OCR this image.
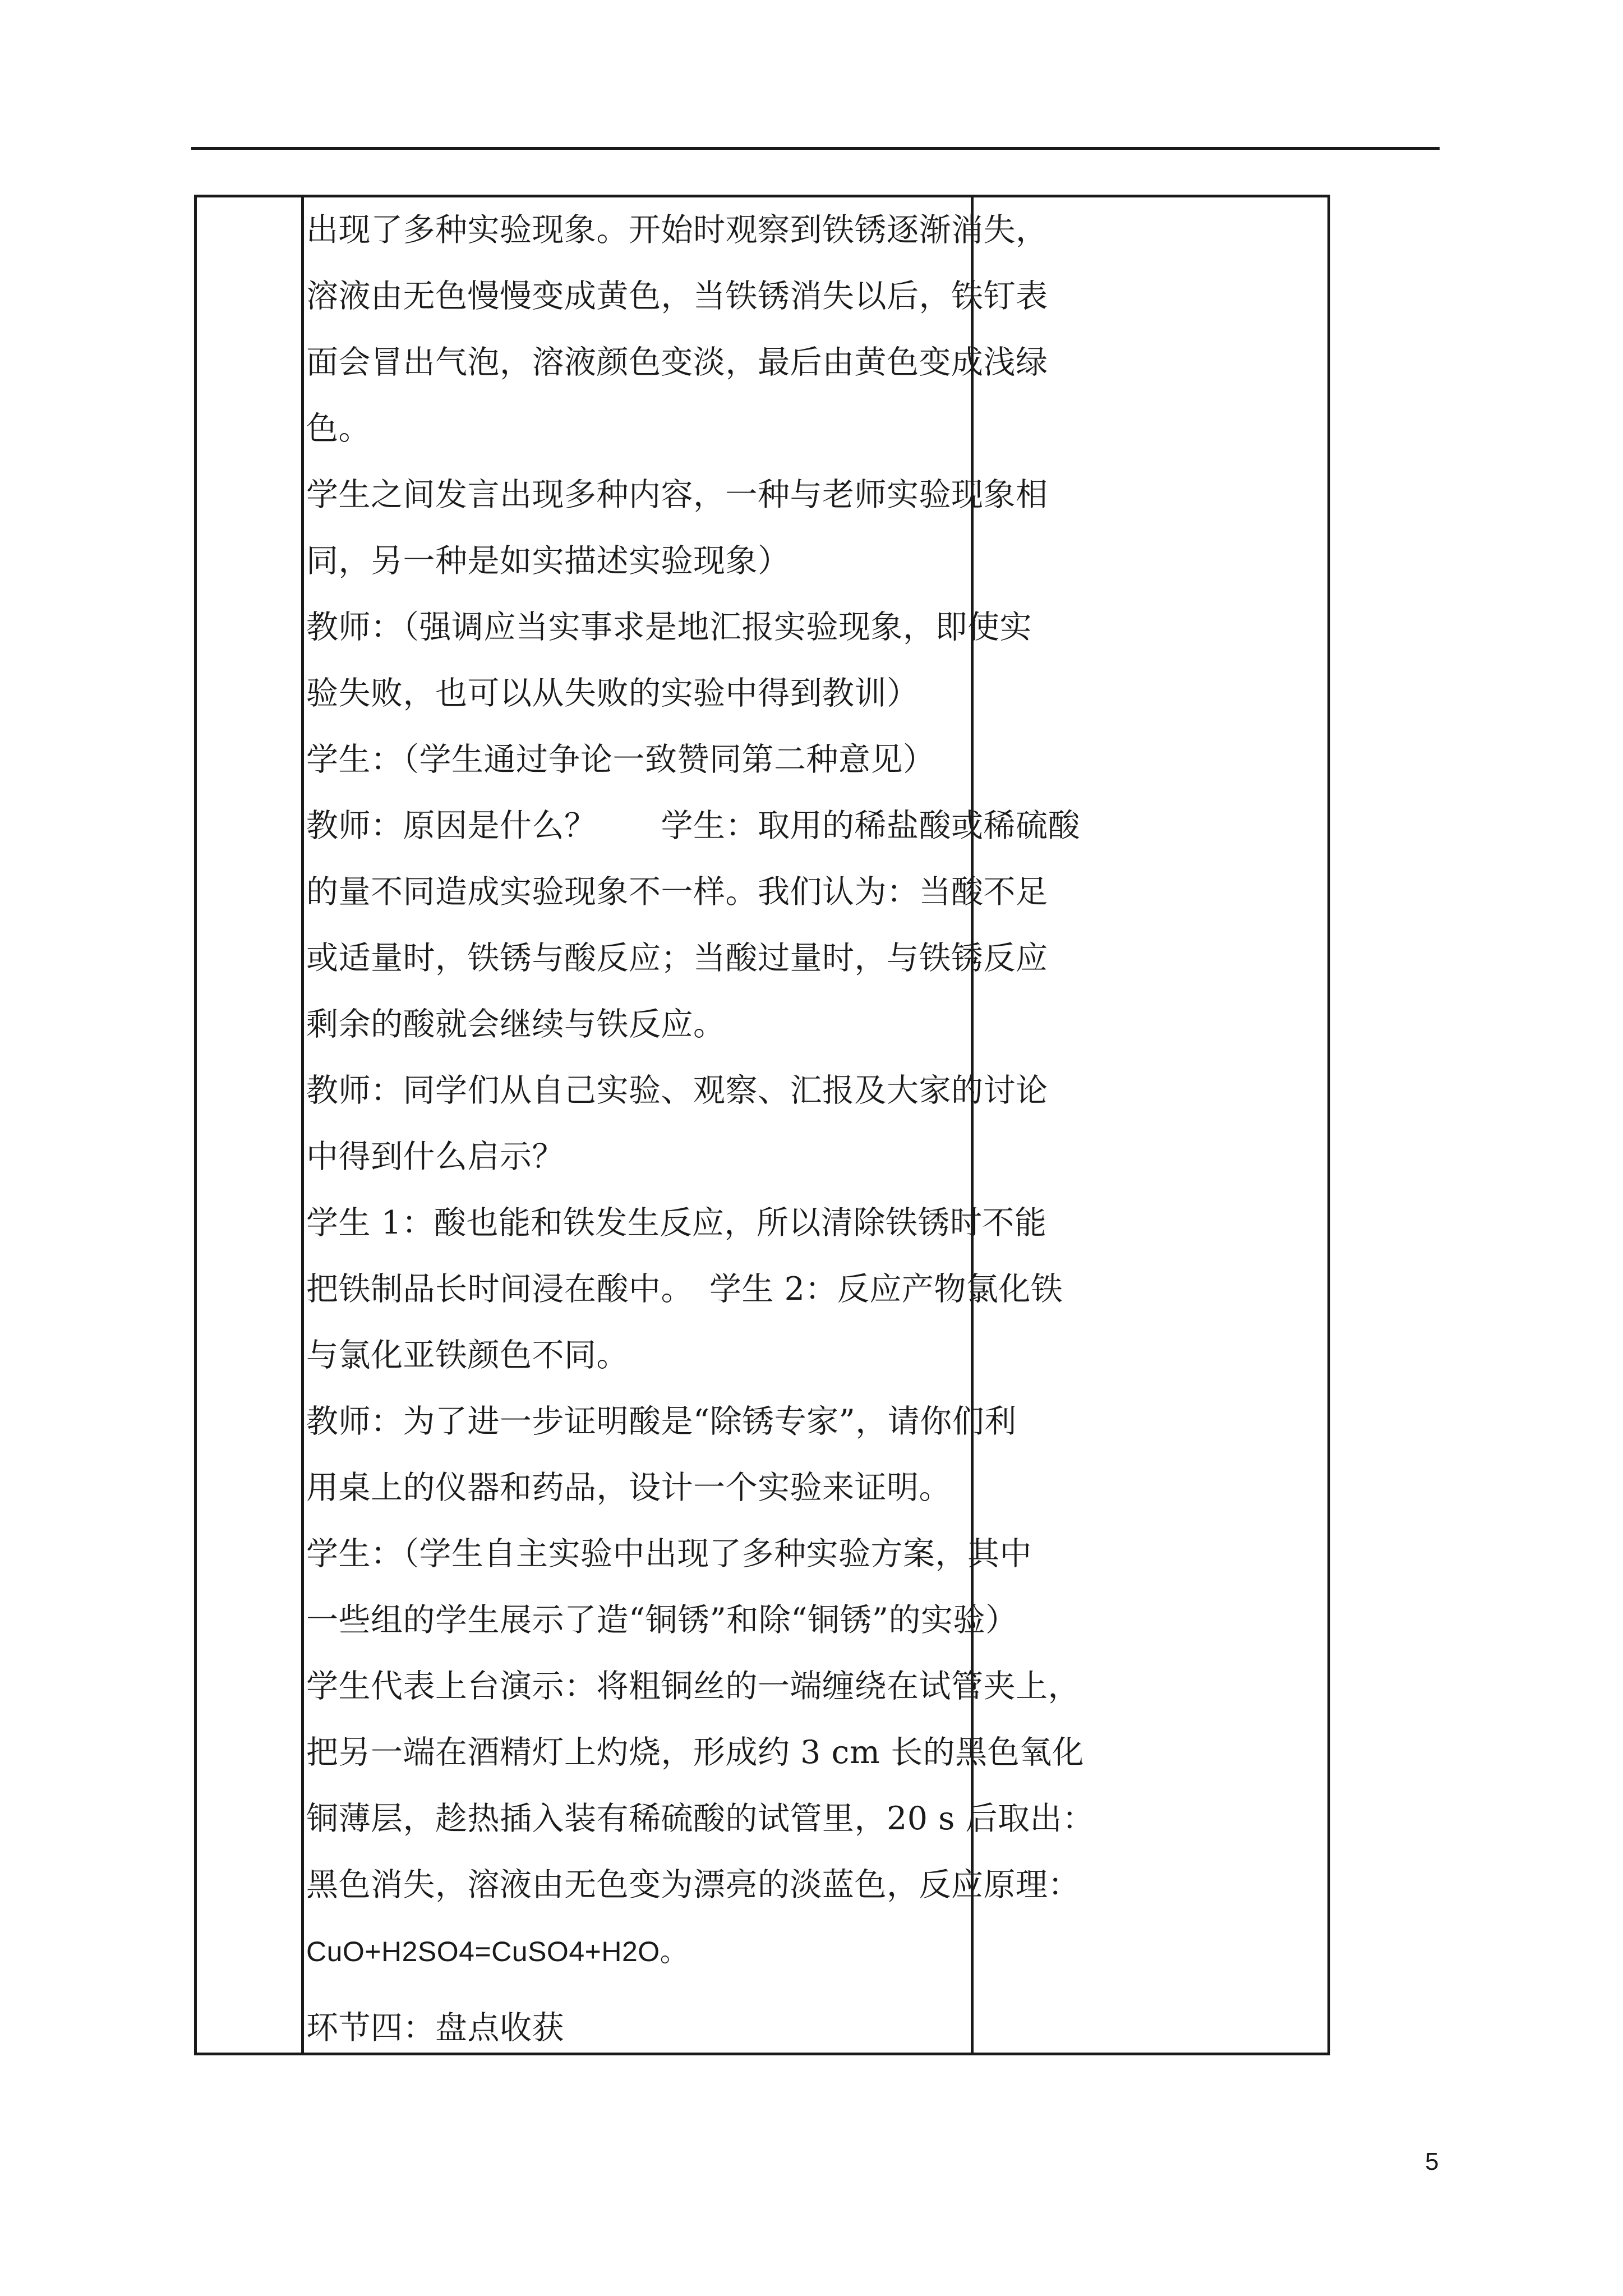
出现了多种实验现象。开始时观察到铁锈逐渐消失，
溶液由无色慢慢变成黄色，当铁锈消失以后，铁钉表
面会冒出气泡，溶液颜色变淡，最后由黄色变成浅绿
色。
学生之间发言出现多种内容，一种与老师实验现象相
同，另一种是如实描述实验现象）
教师：（强调应当实事求是地汇报实验现象，即使实
验失败，也可以从失败的实验中得到教训）
学生：（学生通过争论一致赞同第二种意见）
教师：原因是什么？　　学生：取用的稀盐酸或稀硫酸
的量不同造成实验现象不一样。我们认为：当酸不足
或适量时，铁锈与酸反应；当酸过量时，与铁锈反应
剩余的酸就会继续与铁反应。
教师：同学们从自己实验、观察、汇报及大家的讨论
中得到什么启示？
学生 1：酸也能和铁发生反应，所以清除铁锈时不能
把铁制品长时间浸在酸中。　学生 2：反应产物氯化铁
与氯化亚铁颜色不同。
教师：为了进一步证明酸是“除锈专家”，请你们利
用桌上的仪器和药品，设计一个实验来证明。
学生：（学生自主实验中出现了多种实验方案，其中
一些组的学生展示了造“铜锈”和除“铜锈”的实验）
学生代表上台演示：将粗铜丝的一端缠绕在试管夹上，
把另一端在酒精灯上灼烧，形成约 3 cm 长的黑色氧化
铜薄层，趁热插入装有稀硫酸的试管里，20 s 后取出：
黑色消失，溶液由无色变为漂亮的淡蓝色，反应原理：
CuO+H2SO4=CuSO4+H2O。
环节四：盘点收获
5
